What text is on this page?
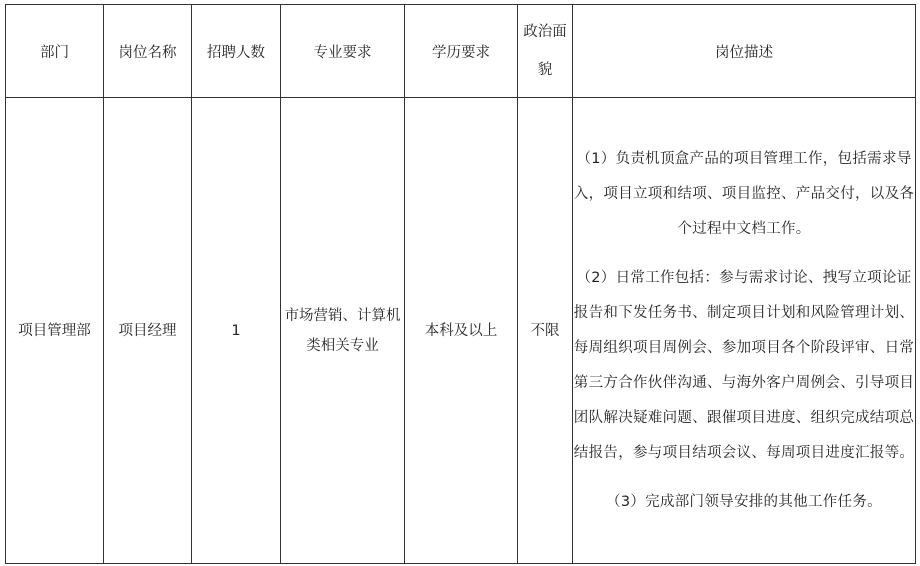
部门	岗位名称	招聘人数	专业要求	学历要求	政治面貌	岗位描述
项目管理部	项目经理	1	市场营销、计算机类相关专业	本科及以上	不限	（1）负责机顶盒产品的项目管理工作，包括需求导入，项目立项和结项、项目监控、产品交付，以及各个过程中文档工作。
（2）日常工作包括：参与需求讨论、拽写立项论证报告和下发任务书、制定项目计划和风险管理计划、每周组织项目周例会、参加项目各个阶段评审、日常第三方合作伙伴沟通、与海外客户周例会、引导项目团队解决疑难问题、跟催项目进度、组织完成结项总结报告，参与项目结项会议、每周项目进度汇报等。
（3）完成部门领导安排的其他工作任务。
